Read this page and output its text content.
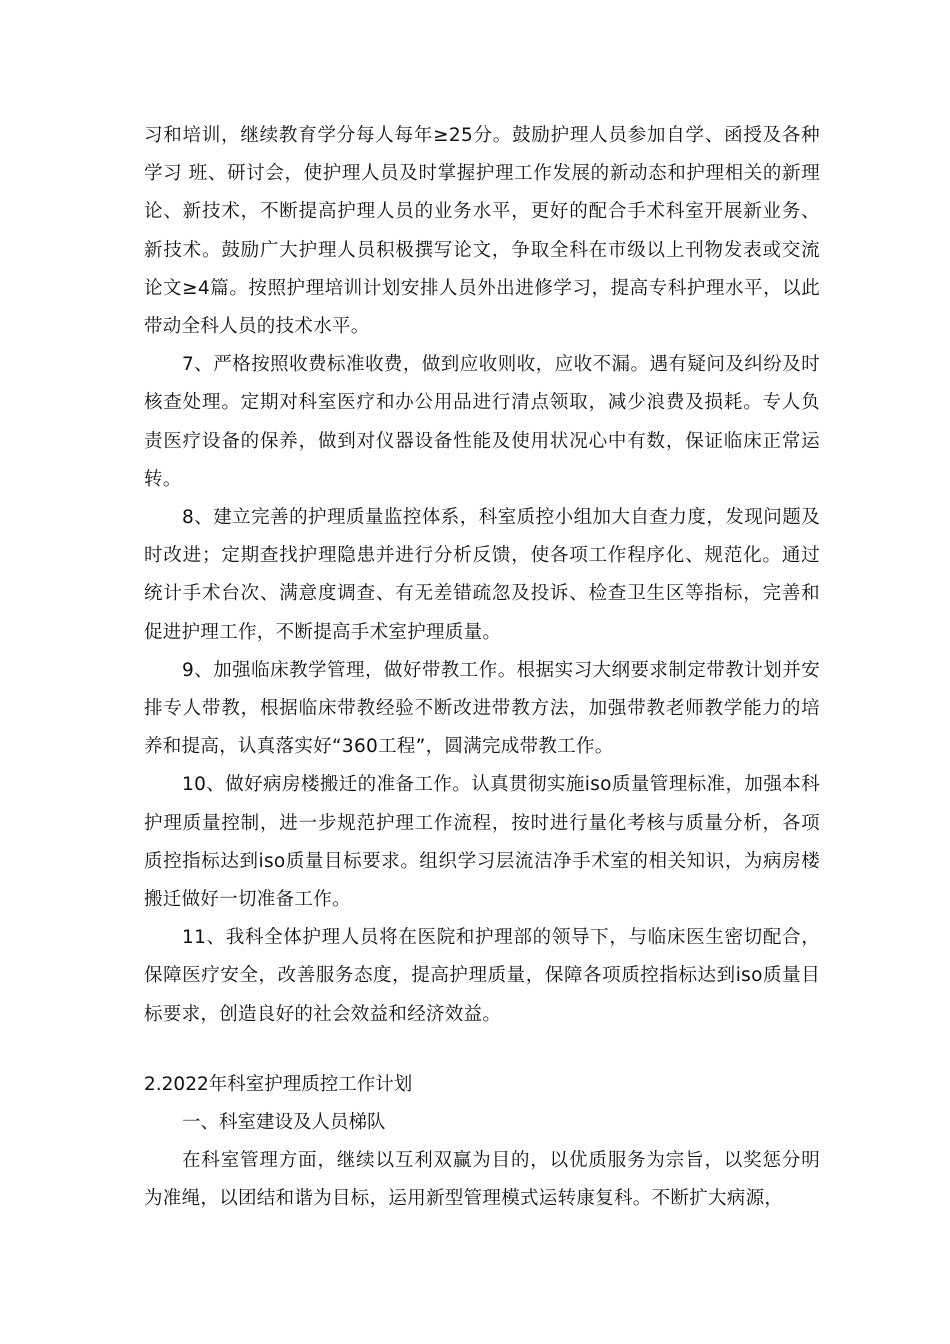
习和培训，继续教育学分每人每年≥25分。鼓励护理人员参加自学、函授及各种学习 班、研讨会，使护理人员及时掌握护理工作发展的新动态和护理相关的新理论、新技术，不断提高护理人员的业务水平，更好的配合手术科室开展新业务、新技术。鼓励广大护理人员积极撰写论文，争取全科在市级以上刊物发表或交流论文≥4篇。按照护理培训计划安排人员外出进修学习，提高专科护理水平，以此带动全科人员的技术水平。

7、严格按照收费标准收费，做到应收则收，应收不漏。遇有疑问及纠纷及时核查处理。定期对科室医疗和办公用品进行清点领取，减少浪费及损耗。专人负责医疗设备的保养，做到对仪器设备性能及使用状况心中有数，保证临床正常运转。

8、建立完善的护理质量监控体系，科室质控小组加大自查力度，发现问题及时改进；定期查找护理隐患并进行分析反馈，使各项工作程序化、规范化。通过统计手术台次、满意度调查、有无差错疏忽及投诉、检查卫生区等指标，完善和促进护理工作，不断提高手术室护理质量。

9、加强临床教学管理，做好带教工作。根据实习大纲要求制定带教计划并安排专人带教，根据临床带教经验不断改进带教方法，加强带教老师教学能力的培养和提高，认真落实好“360工程”，圆满完成带教工作。

10、做好病房楼搬迁的准备工作。认真贯彻实施iso质量管理标准，加强本科护理质量控制，进一步规范护理工作流程，按时进行量化考核与质量分析，各项质控指标达到iso质量目标要求。组织学习层流洁净手术室的相关知识，为病房楼搬迁做好一切准备工作。

11、我科全体护理人员将在医院和护理部的领导下，与临床医生密切配合，保障医疗安全，改善服务态度，提高护理质量，保障各项质控指标达到iso质量目标要求，创造良好的社会效益和经济效益。

2.2022年科室护理质控工作计划

一、科室建设及人员梯队

在科室管理方面，继续以互利双赢为目的，以优质服务为宗旨，以奖惩分明为准绳，以团结和谐为目标，运用新型管理模式运转康复科。不断扩大病源，
